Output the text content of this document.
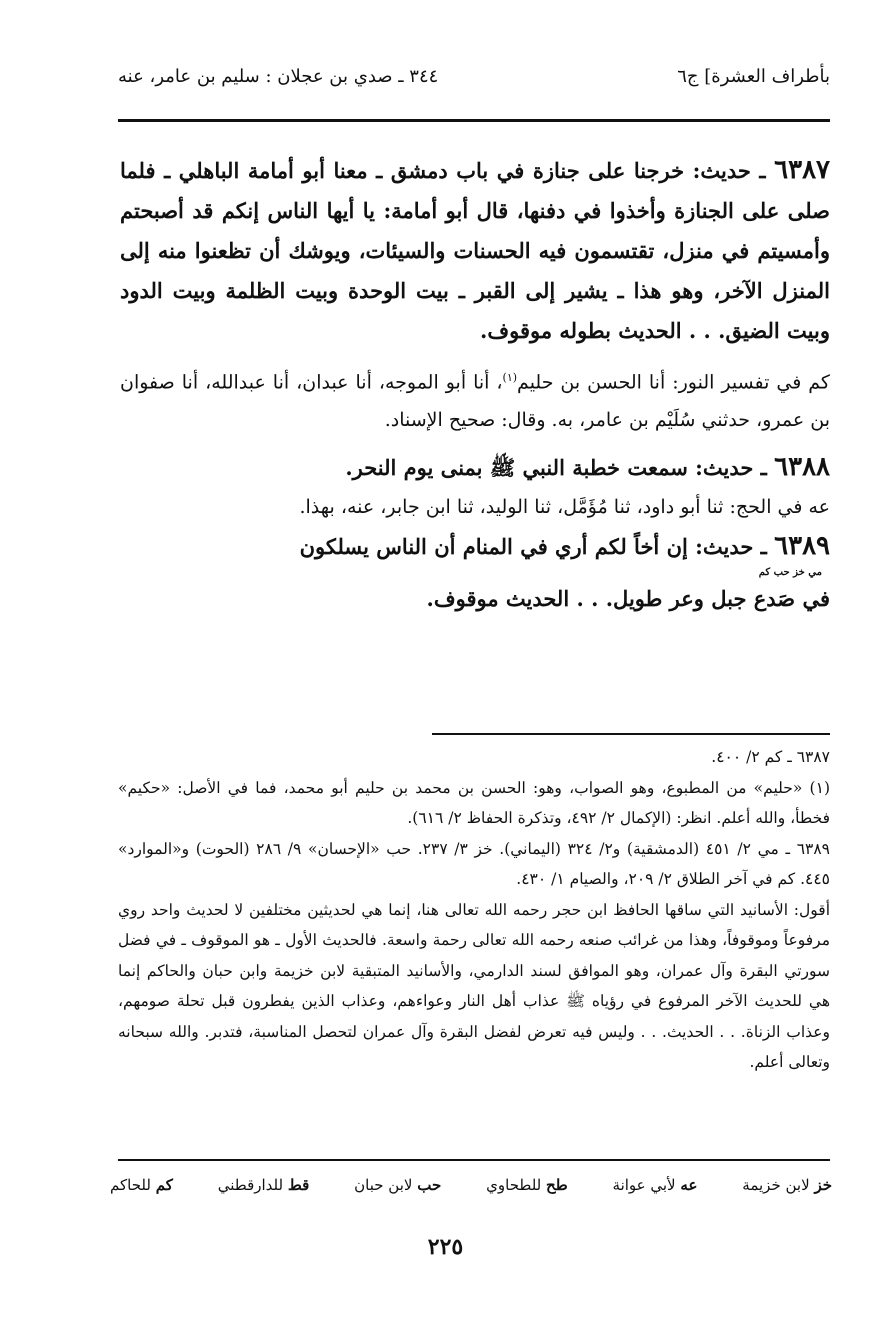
بأطراف العشرة] ج٦
٣٤٤ ـ صدي بن عجلان : سليم بن عامر، عنه

٦٣٨٧ ـ حديث: خرجنا على جنازة في باب دمشق ـ معنا أبو أمامة الباهلي ـ فلما صلى على الجنازة وأخذوا في دفنها، قال أبو أمامة: يا أيها الناس إنكم قد أصبحتم وأمسيتم في منزل، تقتسمون فيه الحسنات والسيئات، ويوشك أن تظعنوا منه إلى المنزل الآخر، وهو هذا ـ يشير إلى القبر ـ بيت الوحدة وبيت الظلمة وبيت الدود وبيت الضيق. . . الحديث بطوله موقوف.

كم في تفسير النور: أنا الحسن بن حليم$^{(١)}$، أنا أبو الموجه، أنا عبدان، أنا عبدالله، أنا صفوان بن عمرو، حدثني سُلَيْم بن عامر، به. وقال: صحيح الإسناد.

٦٣٨٨ ـ حديث: سمعت خطبة النبي ﷺ بمنى يوم النحر.

عه في الحج: ثنا أبو داود، ثنا مُؤَمَّل، ثنا الوليد، ثنا ابن جابر، عنه، بهذا.

٦٣٨٩ ـ حديث: إن أخاً لكم أري في المنام أن الناس يسلكون
مي خز حب كم
في صَدع جبل وعر طويل. . . الحديث موقوف.

٦٣٨٧ ـ كم ٢/ ٤٠٠.

(١) «حليم» من المطبوع، وهو الصواب، وهو: الحسن بن محمد بن حليم أبو محمد، فما في الأصل: «حكيم» فخطأ، والله أعلم. انظر: (الإكمال ٢/ ٤٩٢، وتذكرة الحفاظ ٢/ ٦١٦).

٦٣٨٩ ـ مي ٢/ ٤٥١ (الدمشقية) و٢/ ٣٢٤ (اليماني). خز ٣/ ٢٣٧. حب «الإحسان» ٩/ ٢٨٦ (الحوت) و«الموارد» ٤٤٥. كم في آخر الطلاق ٢/ ٢٠٩، والصيام ١/ ٤٣٠.

أقول: الأسانيد التي ساقها الحافظ ابن حجر رحمه الله تعالى هنا، إنما هي لحديثين مختلفين لا لحديث واحد روي مرفوعاً وموقوفاً، وهذا من غرائب صنعه رحمه الله تعالى رحمة واسعة. فالحديث الأول ـ هو الموقوف ـ في فضل سورتي البقرة وآل عمران، وهو الموافق لسند الدارمي، والأسانيد المتبقية لابن خزيمة وابن حبان والحاكم إنما هي للحديث الآخر المرفوع في رؤياه ﷺ عذاب أهل النار وعواءهم، وعذاب الذين يفطرون قبل تحلة صومهم، وعذاب الزناة. . . الحديث. . . وليس فيه تعرض لفضل البقرة وآل عمران لتحصل المناسبة، فتدبر. والله سبحانه وتعالى أعلم.

خز لابن خزيمة
عه لأبي عوانة
طح للطحاوي
حب لابن حبان
قط للدارقطني
كم للحاكم
٢٢٥
